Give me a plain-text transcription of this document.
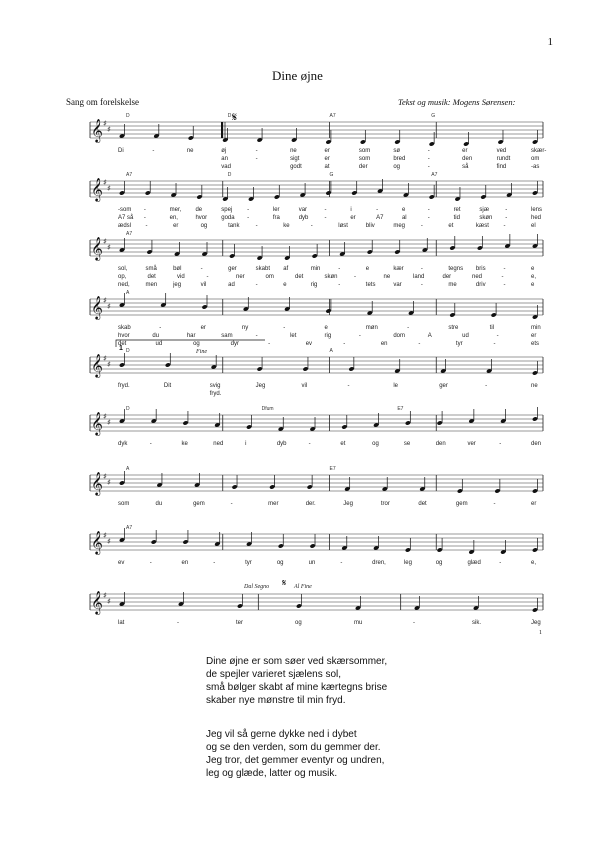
1
Dine øjne
Sang om forelskelse	Tekst og musik: Mogens Sørensen:
𝄞 ♯
♯
Di	-	ne	øj	-	ne	er	som	sø	-	er	ved	skær-
an	-	sigt	er	som	bred	-	den	rundt	om
vad	godt	at	der	og	-	så	find	-as
D	D	A7	G
𝄞 ♯
♯
-som -	mer, de	spej -	ler	var	-	i	-	e	-	ret	sjæ	-	lens
A7 så -	en,	hvor goda -	fra	dyb	-	er	A7	al	-	tid	skøn -	hed
ædsl -	er	og	tank	-	ke	-	løst	bliv	meg	-	et	kæst -	el
A7	D	G	A7
𝄞 ♯
♯
sol,	små	bøl	-	ger	skabt af	min	-	e	kær	-	tegns bris	-	e
op,	det	vid	-	ner	om	det	skøn	-	ne	land	der	ned	-	e,
ned,	men	jeg	vil	ad	-	e	rig	-	tets	var	-	me	driv	-	e
A7
𝄞 ♯
♯
skab	-	er	ny	-	e	møn	-	stre	til	min
hvor	du	har	sam	-	let	rig	-	dom	A	ud	-	er
det	ud	og	dyr	-	ev	-	en	-	tyr	-	ets
A
𝄞 ♯
♯
fryd.	Dit	svig	Jeg	vil	-	le	ger	-	ne
fryd.
D	A
𝄞 ♯
♯
dyk	-	ke	ned	i	dyb	-	et	og	se	den	ver	-	den
D	Dfum	E7
𝄞 ♯
♯
som	du	gem	-	mer	der.	Jeg	tror	det	gem	-	er
A	E7
𝄞 ♯
♯
ev	-	en	-	tyr	og	un	-	dren,	leg	og	glæd	-	e,
A7
𝄞 ♯
♯
lat	-	ter	og	mu	-	sik.	Jeg
𝄋
1	Fine
Dal Segno 𝄋 Al Fine
1
Dine øjne er som søer ved skærsommer,
de spejler varieret sjælens sol,
små bølger skabt af mine kærtegns brise
skaber nye mønstre til min fryd.
Jeg vil så gerne dykke ned i dybet
og se den verden, som du gemmer der.
Jeg tror, det gemmer eventyr og undren,
leg og glæde, latter og musik.
